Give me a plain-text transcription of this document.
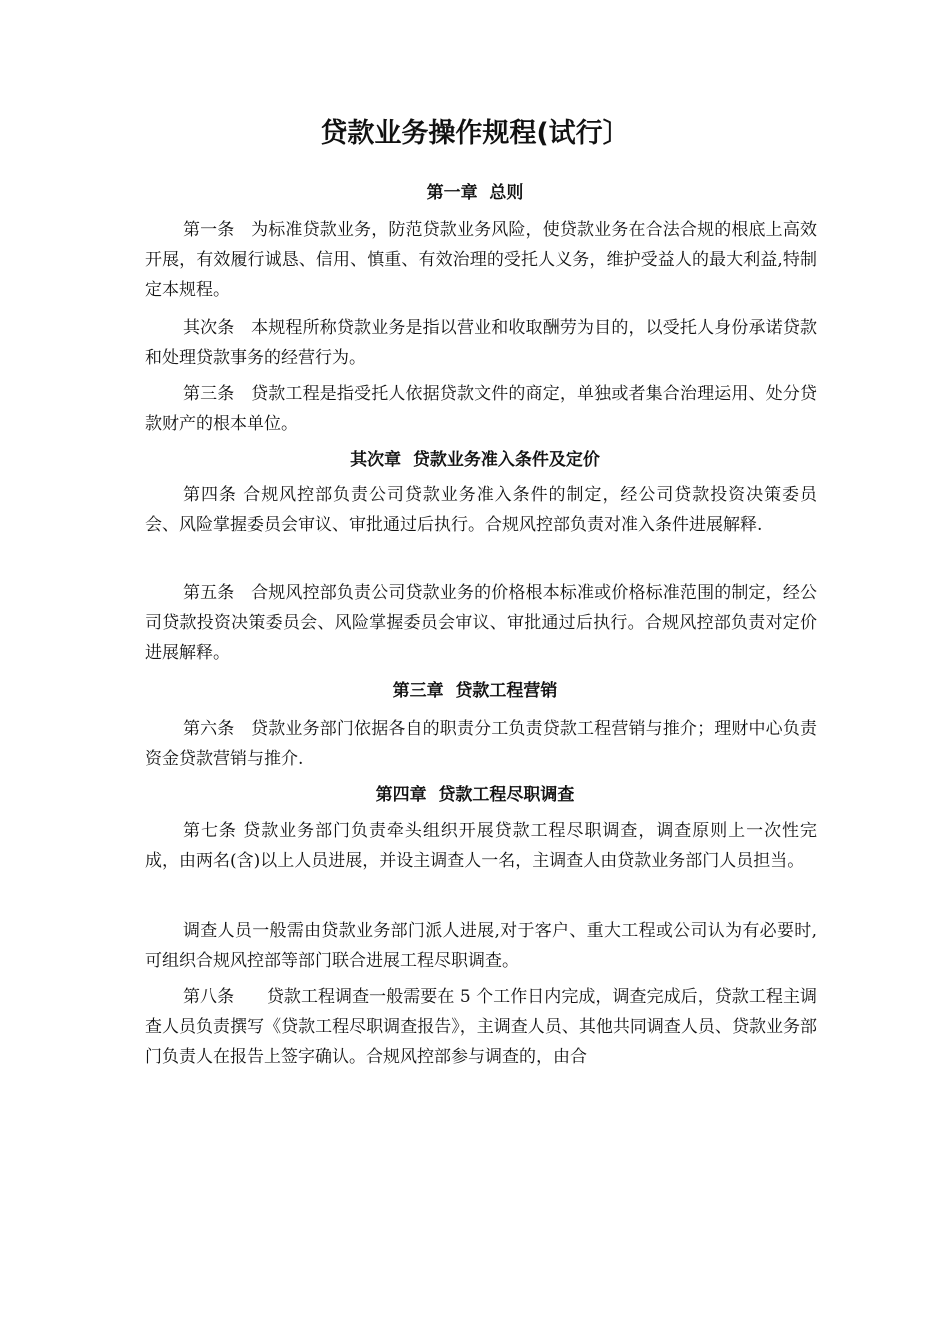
贷款业务操作规程(试行〕
第一章  总则

第一条   为标准贷款业务，防范贷款业务风险，使贷款业务在合法合规的根底上高效开展，有效履行诚恳、信用、慎重、有效治理的受托人义务，维护受益人的最大利益,特制定本规程。

其次条   本规程所称贷款业务是指以营业和收取酬劳为目的，以受托人身份承诺贷款和处理贷款事务的经营行为。

第三条   贷款工程是指受托人依据贷款文件的商定，单独或者集合治理运用、处分贷款财产的根本单位。

其次章  贷款业务准入条件及定价

第四条 合规风控部负责公司贷款业务准入条件的制定，经公司贷款投资决策委员会、风险掌握委员会审议、审批通过后执行。合规风控部负责对准入条件进展解释.

第五条   合规风控部负责公司贷款业务的价格根本标准或价格标准范围的制定，经公司贷款投资决策委员会、风险掌握委员会审议、审批通过后执行。合规风控部负责对定价进展解释。

第三章  贷款工程营销

第六条   贷款业务部门依据各自的职责分工负责贷款工程营销与推介；理财中心负责资金贷款营销与推介.

第四章  贷款工程尽职调查

第七条 贷款业务部门负责牵头组织开展贷款工程尽职调查，调查原则上一次性完成，由两名(含)以上人员进展，并设主调查人一名，主调查人由贷款业务部门人员担当。

调查人员一般需由贷款业务部门派人进展,对于客户、重大工程或公司认为有必要时,可组织合规风控部等部门联合进展工程尽职调查。

第八条      贷款工程调查一般需要在 5 个工作日内完成，调查完成后，贷款工程主调查人员负责撰写《贷款工程尽职调查报告》，主调查人员、其他共同调查人员、贷款业务部门负责人在报告上签字确认。合规风控部参与调查的，由合
